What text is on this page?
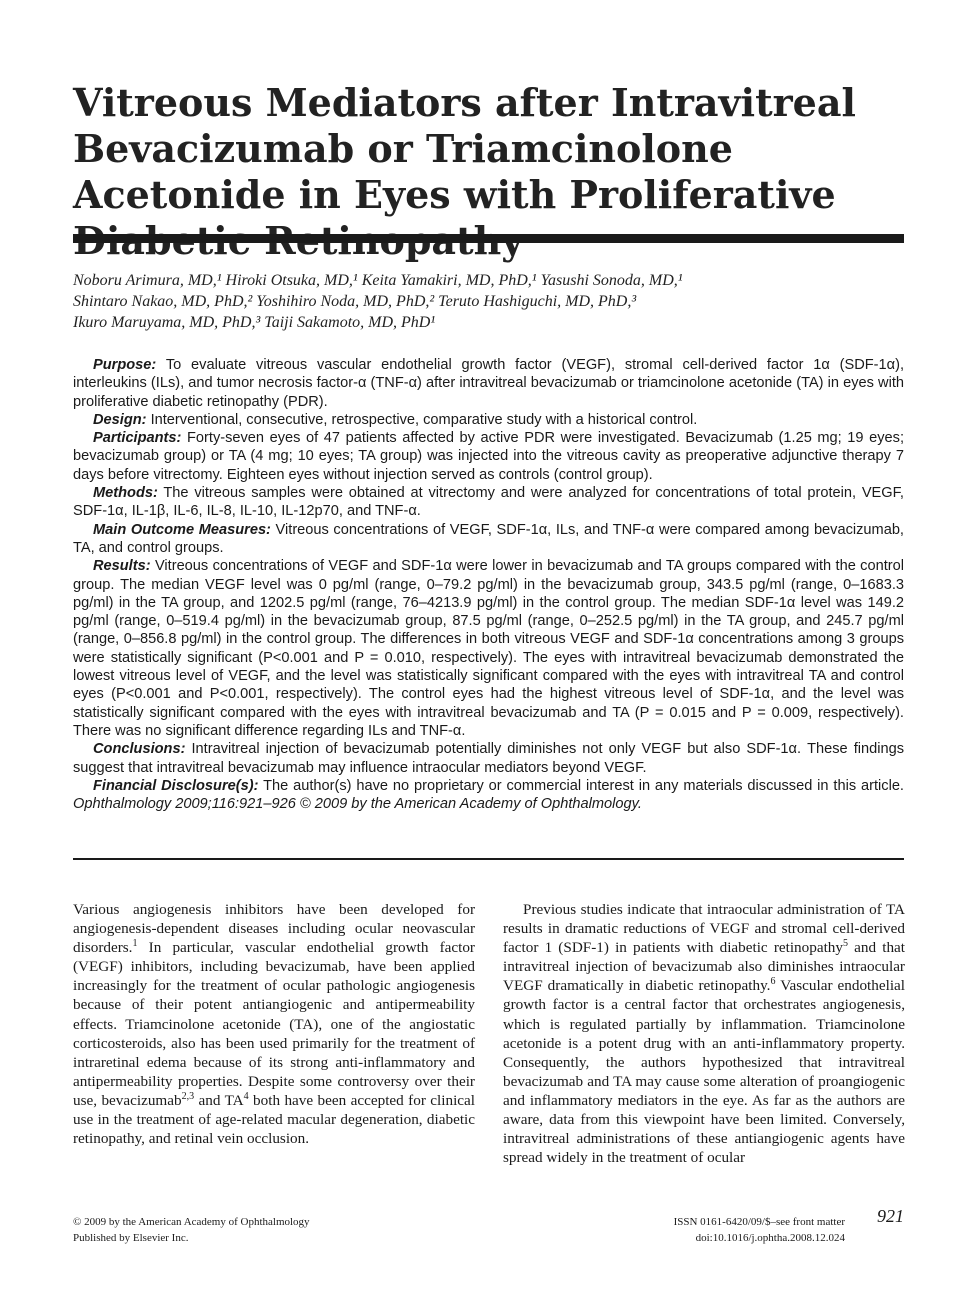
Vitreous Mediators after Intravitreal Bevacizumab or Triamcinolone Acetonide in Eyes with Proliferative
Noboru Arimura, MD,¹ Hiroki Otsuka, MD,¹ Keita Yamakiri, MD, PhD,¹ Yasushi Sonoda, MD,¹
Shintaro Nakao, MD, PhD,² Yoshihiro Noda, MD, PhD,² Teruto Hashiguchi, MD, PhD,³
Ikuro Maruyama, MD, PhD,³ Taiji Sakamoto, MD, PhD¹

Purpose: To evaluate vitreous vascular endothelial growth factor (VEGF), stromal cell-derived factor 1α (SDF-1α), interleukins (ILs), and tumor necrosis factor-α (TNF-α) after intravitreal bevacizumab or triamcinolone acetonide (TA) in eyes with proliferative diabetic retinopathy (PDR).

Design: Interventional, consecutive, retrospective, comparative study with a historical control.

Participants: Forty-seven eyes of 47 patients affected by active PDR were investigated. Bevacizumab (1.25 mg; 19 eyes; bevacizumab group) or TA (4 mg; 10 eyes; TA group) was injected into the vitreous cavity as preoperative adjunctive therapy 7 days before vitrectomy. Eighteen eyes without injection served as controls (control group).

Methods: The vitreous samples were obtained at vitrectomy and were analyzed for concentrations of total protein, VEGF, SDF-1α, IL-1β, IL-6, IL-8, IL-10, IL-12p70, and TNF-α.

Main Outcome Measures: Vitreous concentrations of VEGF, SDF-1α, ILs, and TNF-α were compared among bevacizumab, TA, and control groups.

Results: Vitreous concentrations of VEGF and SDF-1α were lower in bevacizumab and TA groups compared with the control group. The median VEGF level was 0 pg/ml (range, 0–79.2 pg/ml) in the bevacizumab group, 343.5 pg/ml (range, 0–1683.3 pg/ml) in the TA group, and 1202.5 pg/ml (range, 76–4213.9 pg/ml) in the control group. The median SDF-1α level was 149.2 pg/ml (range, 0–519.4 pg/ml) in the bevacizumab group, 87.5 pg/ml (range, 0–252.5 pg/ml) in the TA group, and 245.7 pg/ml (range, 0–856.8 pg/ml) in the control group. The differences in both vitreous VEGF and SDF-1α concentrations among 3 groups were statistically significant (P<0.001 and P = 0.010, respectively). The eyes with intravitreal bevacizumab demonstrated the lowest vitreous level of VEGF, and the level was statistically significant compared with the eyes with intravitreal TA and control eyes (P<0.001 and P<0.001, respectively). The control eyes had the highest vitreous level of SDF-1α, and the level was statistically significant compared with the eyes with intravitreal bevacizumab and TA (P = 0.015 and P = 0.009, respectively). There was no significant difference regarding ILs and TNF-α.

Conclusions: Intravitreal injection of bevacizumab potentially diminishes not only VEGF but also SDF-1α. These findings suggest that intravitreal bevacizumab may influence intraocular mediators beyond VEGF.

Financial Disclosure(s): The author(s) have no proprietary or commercial interest in any materials discussed in this article. Ophthalmology 2009;116:921–926 © 2009 by the American Academy of Ophthalmology.

Various angiogenesis inhibitors have been developed for angiogenesis-dependent diseases including ocular neovascular disorders.$^1$ In particular, vascular endothelial growth factor (VEGF) inhibitors, including bevacizumab, have been applied increasingly for the treatment of ocular pathologic angiogenesis because of their potent antiangiogenic and antipermeability effects. Triamcinolone acetonide (TA), one of the angiostatic corticosteroids, also has been used primarily for the treatment of intraretinal edema because of its strong anti-inflammatory and antipermeability properties. Despite some controversy over their use, bevacizumab$^{2,3}$ and $TA^4$ both have been accepted for clinical use in the treatment of age-related macular degeneration, diabetic retinopathy, and retinal vein occlusion.

Previous studies indicate that intraocular administration of TA results in dramatic reductions of VEGF and stromal cell-derived factor 1 (SDF-1) in patients with diabetic retinopathy$^5$ and that intravitreal injection of bevacizumab also diminishes intraocular VEGF dramatically in diabetic retinopathy.$^6$ Vascular endothelial growth factor is a central factor that orchestrates angiogenesis, which is regulated partially by inflammation. Triamcinolone acetonide is a potent drug with an anti-inflammatory property. Consequently, the authors hypothesized that intravitreal bevacizumab and TA may cause some alteration of proangiogenic and inflammatory mediators in the eye. As far as the authors are aware, data from this viewpoint have been limited. Conversely, intravitreal administrations of these antiangiogenic agents have spread widely in the treatment of ocular

© 2009 by the American Academy of Ophthalmology
Published by Elsevier Inc.
ISSN 0161-6420/09/$–see front matter
doi:10.1016/j.ophtha.2008.12.024
921
